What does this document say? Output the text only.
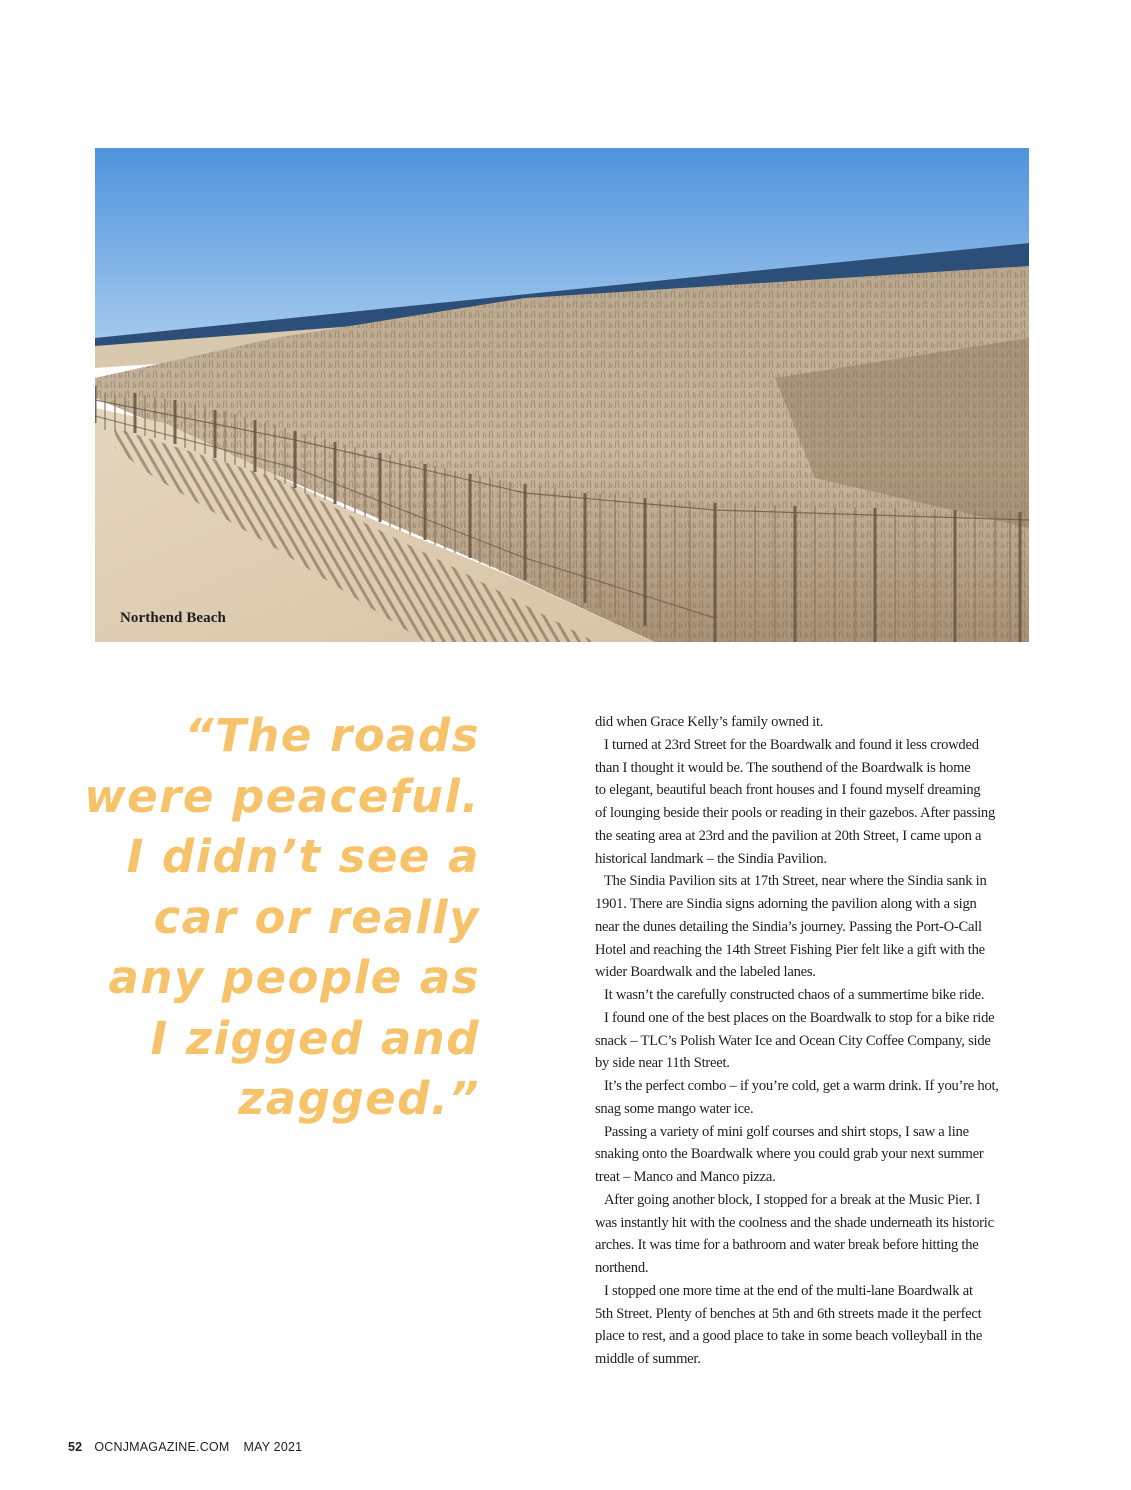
Northend Beach
“The roads
were peaceful.
I didn’t see a
car or really
any people as
I zigged and
zagged.”
did when Grace Kelly’s family owned it.
I turned at 23rd Street for the Boardwalk and found it less crowded
than I thought it would be. The southend of the Boardwalk is home
to elegant, beautiful beach front houses and I found myself dreaming
of lounging beside their pools or reading in their gazebos. After passing
the seating area at 23rd and the pavilion at 20th Street, I came upon a
historical landmark – the Sindia Pavilion.
The Sindia Pavilion sits at 17th Street, near where the Sindia sank in
1901. There are Sindia signs adorning the pavilion along with a sign
near the dunes detailing the Sindia’s journey. Passing the Port-O-Call
Hotel and reaching the 14th Street Fishing Pier felt like a gift with the
wider Boardwalk and the labeled lanes.
It wasn’t the carefully constructed chaos of a summertime bike ride.
I found one of the best places on the Boardwalk to stop for a bike ride
snack – TLC’s Polish Water Ice and Ocean City Coffee Company, side
by side near 11th Street.
It’s the perfect combo – if you’re cold, get a warm drink. If you’re hot,
snag some mango water ice.
Passing a variety of mini golf courses and shirt stops, I saw a line
snaking onto the Boardwalk where you could grab your next summer
treat – Manco and Manco pizza.
After going another block, I stopped for a break at the Music Pier. I
was instantly hit with the coolness and the shade underneath its historic
arches. It was time for a bathroom and water break before hitting the
northend.
I stopped one more time at the end of the multi-lane Boardwalk at
5th Street. Plenty of benches at 5th and 6th streets made it the perfect
place to rest, and a good place to take in some beach volleyball in the
middle of summer.
52 OCNJMAGAZINE.COM MAY 2021
